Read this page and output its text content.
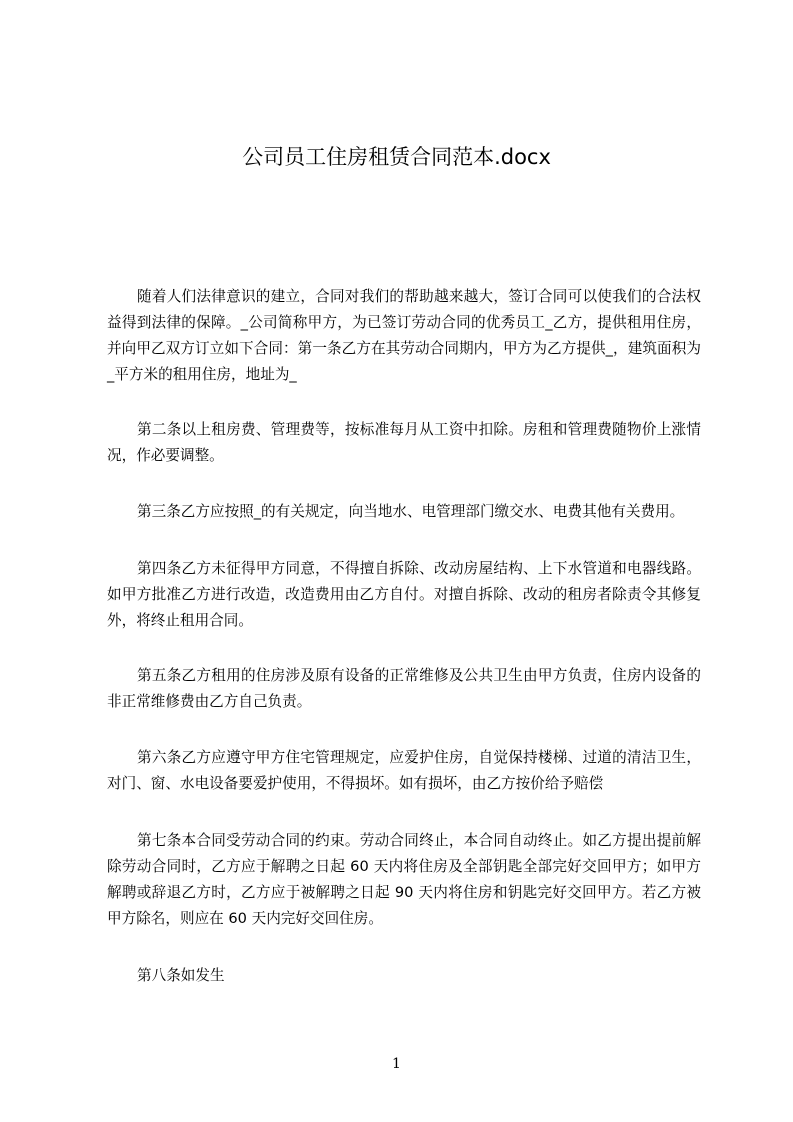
公司员工住房租赁合同范本.docx

随着人们法律意识的建立，合同对我们的帮助越来越大，签订合同可以使我们的合法权益得到法律的保障。_公司简称甲方，为已签订劳动合同的优秀员工_乙方，提供租用住房，并向甲乙双方订立如下合同：第一条乙方在其劳动合同期内，甲方为乙方提供_，建筑面积为_平方米的租用住房，地址为_

第二条以上租房费、管理费等，按标准每月从工资中扣除。房租和管理费随物价上涨情况，作必要调整。

第三条乙方应按照_的有关规定，向当地水、电管理部门缴交水、电费其他有关费用。

第四条乙方未征得甲方同意，不得擅自拆除、改动房屋结构、上下水管道和电器线路。如甲方批准乙方进行改造，改造费用由乙方自付。对擅自拆除、改动的租房者除责令其修复外，将终止租用合同。

第五条乙方租用的住房涉及原有设备的正常维修及公共卫生由甲方负责，住房内设备的非正常维修费由乙方自己负责。

第六条乙方应遵守甲方住宅管理规定，应爱护住房，自觉保持楼梯、过道的清洁卫生，对门、窗、水电设备要爱护使用，不得损坏。如有损坏，由乙方按价给予赔偿

第七条本合同受劳动合同的约束。劳动合同终止，本合同自动终止。如乙方提出提前解除劳动合同时，乙方应于解聘之日起 60 天内将住房及全部钥匙全部完好交回甲方；如甲方解聘或辞退乙方时，乙方应于被解聘之日起 90 天内将住房和钥匙完好交回甲方。若乙方被甲方除名，则应在 60 天内完好交回住房。

第八条如发生

1
